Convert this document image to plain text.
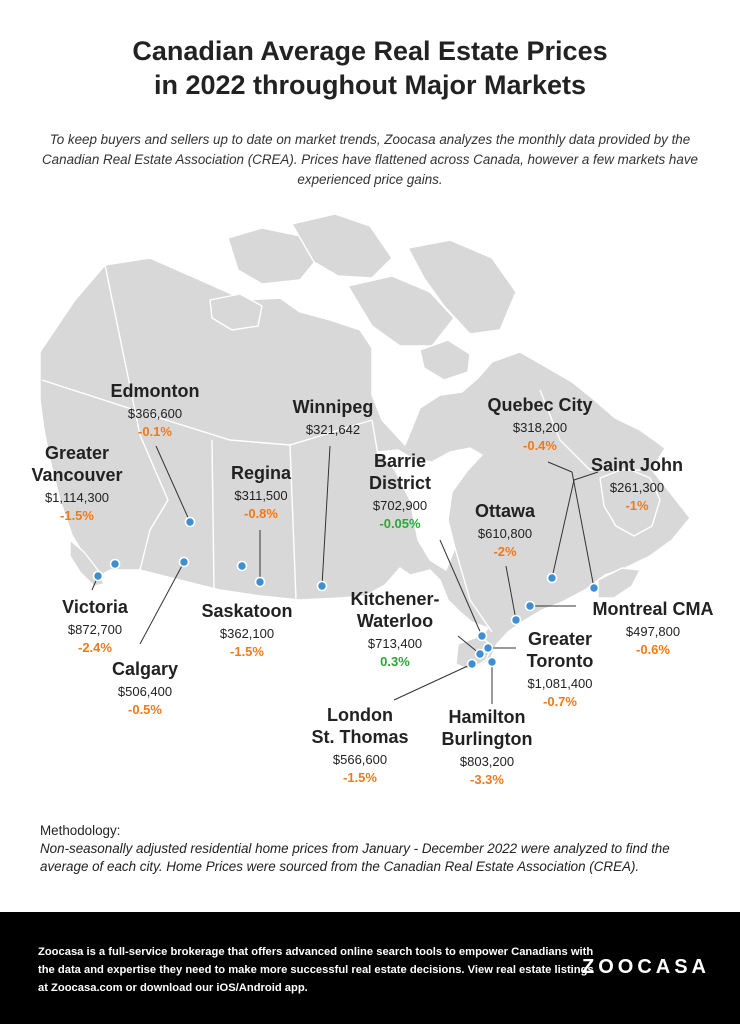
Canadian Average Real Estate Prices
in 2022 throughout Major Markets
To keep buyers and sellers up to date on market trends, Zoocasa analyzes the monthly data provided by the Canadian Real Estate Association (CREA). Prices have flattened across Canada, however a few markets have experienced price gains.
Edmonton
$366,600
-0.1%
Winnipeg
$321,642
Quebec City
$318,200
-0.4%
Greater
Vancouver
$1,114,300
-1.5%
Regina
$311,500
-0.8%
Barrie
District
$702,900
-0.05%
Saint John
$261,300
-1%
Ottawa
$610,800
-2%
Victoria
$872,700
-2.4%
Saskatoon
$362,100
-1.5%
Kitchener-
Waterloo
$713,400
0.3%
Montreal CMA
$497,800
-0.6%
Calgary
$506,400
-0.5%
Greater
Toronto
$1,081,400
-0.7%
London
St. Thomas
$566,600
-1.5%
Hamilton
Burlington
$803,200
-3.3%
Methodology:
Non-seasonally adjusted residential home prices from January - December 2022 were analyzed to find the average of each city. Home Prices were sourced from the Canadian Real Estate Association (CREA).
Zoocasa is a full-service brokerage that offers advanced online search tools to empower Canadians with the data and expertise they need to make more successful real estate decisions. View real estate listings at Zoocasa.com or download our iOS/Android app.
ZOOCASA
